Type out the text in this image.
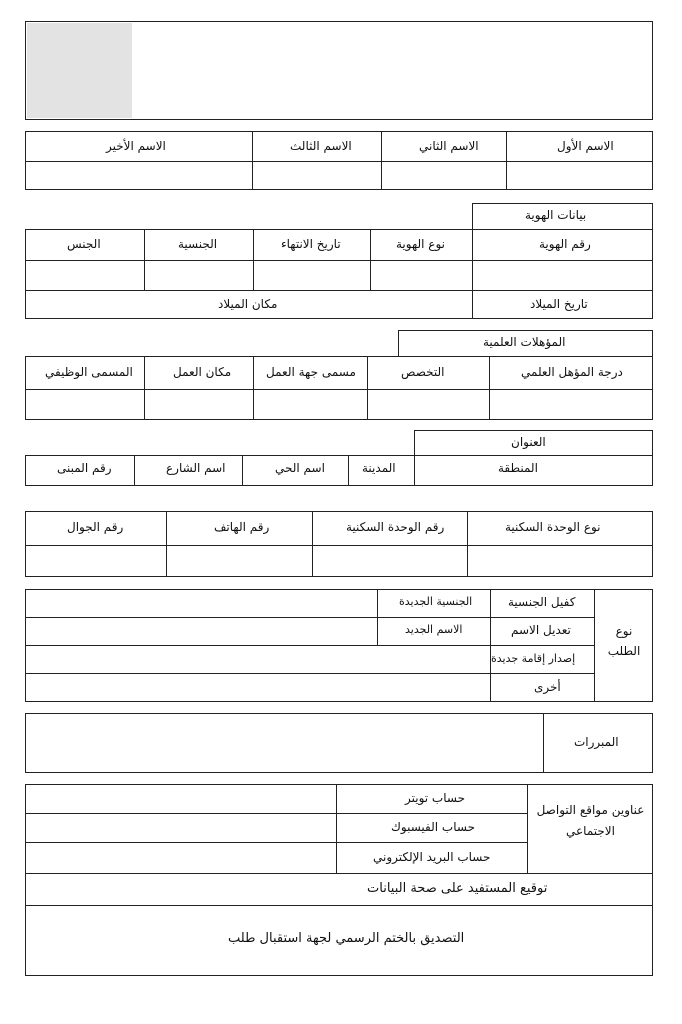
الاسم الأول
الاسم الثاني
الاسم الثالث
الاسم الأخير
بيانات الهوية
رقم الهوية
نوع الهوية
تاريخ الانتهاء
الجنسية
الجنس
تاريخ الميلاد
مكان الميلاد
المؤهلات العلمية
درجة المؤهل العلمي
التخصص
مسمى جهة العمل
مكان العمل
المسمى الوظيفي
العنوان
المنطقة
المدينة
اسم الحي
اسم الشارع
رقم المبنى
نوع الوحدة السكنية
رقم الوحدة السكنية
رقم الهاتف
رقم الجوال
نوع الطلب
كفيل الجنسية
الجنسية الجديدة
تعديل الاسم
الاسم الجديد
إصدار إقامة جديدة
أخرى
المبررات
عناوين مواقع التواصل الاجتماعي
حساب تويتر
حساب الفيسبوك
حساب البريد الإلكتروني
توقيع المستفيد على صحة البيانات
التصديق بالختم الرسمي لجهة استقبال طلب
